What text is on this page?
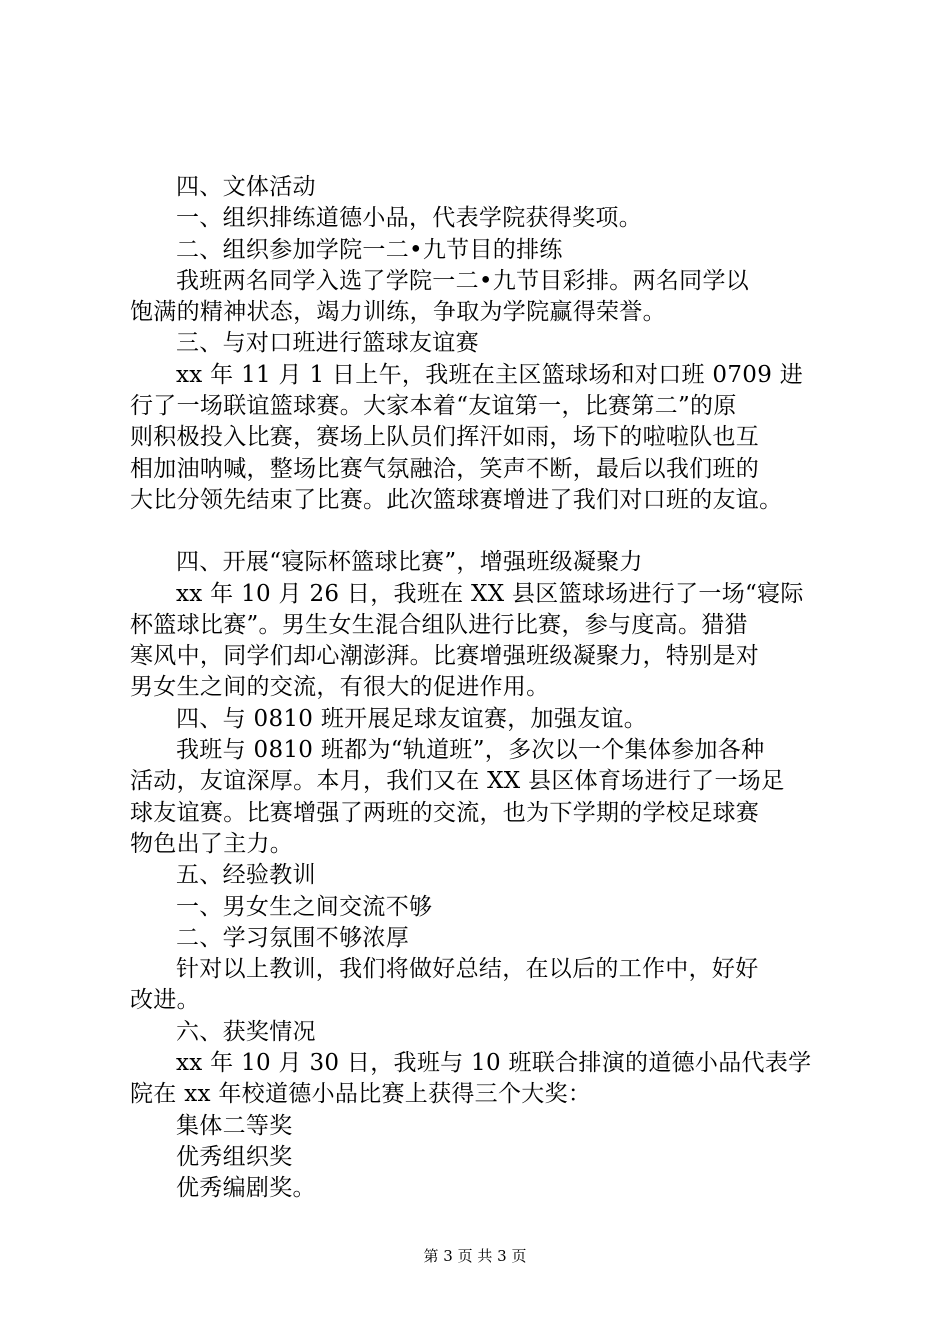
四、文体活动
一、组织排练道德小品，代表学院获得奖项。
二、组织参加学院一二•九节目的排练
我班两名同学入选了学院一二•九节目彩排。两名同学以
饱满的精神状态，竭力训练，争取为学院赢得荣誉。
三、与对口班进行篮球友谊赛
xx 年 11 月 1 日上午，我班在主区篮球场和对口班 0709 进
行了一场联谊篮球赛。大家本着“友谊第一，比赛第二”的原
则积极投入比赛，赛场上队员们挥汗如雨，场下的啦啦队也互
相加油呐喊，整场比赛气氛融洽，笑声不断，最后以我们班的
大比分领先结束了比赛。此次篮球赛增进了我们对口班的友谊。
四、开展“寝际杯篮球比赛”，增强班级凝聚力
xx 年 10 月 26 日，我班在 XX 县区篮球场进行了一场“寝际
杯篮球比赛”。男生女生混合组队进行比赛，参与度高。猎猎
寒风中，同学们却心潮澎湃。比赛增强班级凝聚力，特别是对
男女生之间的交流，有很大的促进作用。
四、与 0810 班开展足球友谊赛，加强友谊。
我班与 0810 班都为“轨道班”，多次以一个集体参加各种
活动，友谊深厚。本月，我们又在 XX 县区体育场进行了一场足
球友谊赛。比赛增强了两班的交流，也为下学期的学校足球赛
物色出了主力。
五、经验教训
一、男女生之间交流不够
二、学习氛围不够浓厚
针对以上教训，我们将做好总结，在以后的工作中，好好
改进。
六、获奖情况
xx 年 10 月 30 日，我班与 10 班联合排演的道德小品代表学
院在 xx 年校道德小品比赛上获得三个大奖：
集体二等奖
优秀组织奖
优秀编剧奖。
第 3 页 共 3 页
